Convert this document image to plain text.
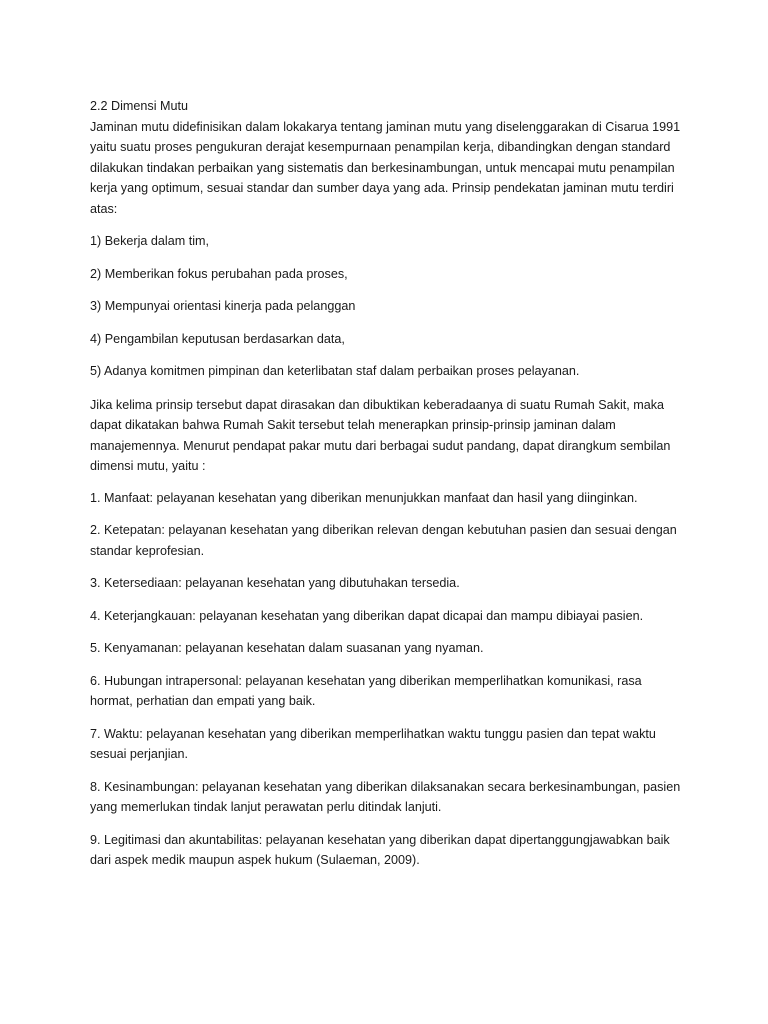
2.2 Dimensi Mutu

Jaminan mutu didefinisikan dalam lokakarya tentang jaminan mutu yang diselenggarakan di Cisarua 1991 yaitu suatu proses pengukuran derajat kesempurnaan penampilan kerja, dibandingkan dengan standard dilakukan tindakan perbaikan yang sistematis dan berkesinambungan, untuk mencapai mutu penampilan kerja yang optimum, sesuai standar dan sumber daya yang ada. Prinsip pendekatan jaminan mutu terdiri atas:

1) Bekerja dalam tim,

2) Memberikan fokus perubahan pada proses,

3) Mempunyai orientasi kinerja pada pelanggan

4) Pengambilan keputusan berdasarkan data,

5) Adanya komitmen pimpinan dan keterlibatan staf dalam perbaikan proses pelayanan.

Jika kelima prinsip tersebut dapat dirasakan dan dibuktikan keberadaanya di suatu Rumah Sakit, maka dapat dikatakan bahwa Rumah Sakit tersebut telah menerapkan prinsip-prinsip jaminan dalam manajemennya. Menurut pendapat pakar mutu dari berbagai sudut pandang, dapat dirangkum sembilan dimensi mutu, yaitu :

1. Manfaat: pelayanan kesehatan yang diberikan menunjukkan manfaat dan hasil yang diinginkan.

2. Ketepatan: pelayanan kesehatan yang diberikan relevan dengan kebutuhan pasien dan sesuai dengan standar keprofesian.

3. Ketersediaan: pelayanan kesehatan yang dibutuhakan tersedia.

4. Keterjangkauan: pelayanan kesehatan yang diberikan dapat dicapai dan mampu dibiayai pasien.

5. Kenyamanan: pelayanan kesehatan dalam suasanan yang nyaman.

6. Hubungan intrapersonal: pelayanan kesehatan yang diberikan memperlihatkan komunikasi, rasa hormat, perhatian dan empati yang baik.

7. Waktu: pelayanan kesehatan yang diberikan memperlihatkan waktu tunggu pasien dan tepat waktu sesuai perjanjian.

8. Kesinambungan: pelayanan kesehatan yang diberikan dilaksanakan secara berkesinambungan, pasien yang memerlukan tindak lanjut perawatan perlu ditindak lanjuti.

9. Legitimasi dan akuntabilitas: pelayanan kesehatan yang diberikan dapat dipertanggungjawabkan baik dari aspek medik maupun aspek hukum (Sulaeman, 2009).
